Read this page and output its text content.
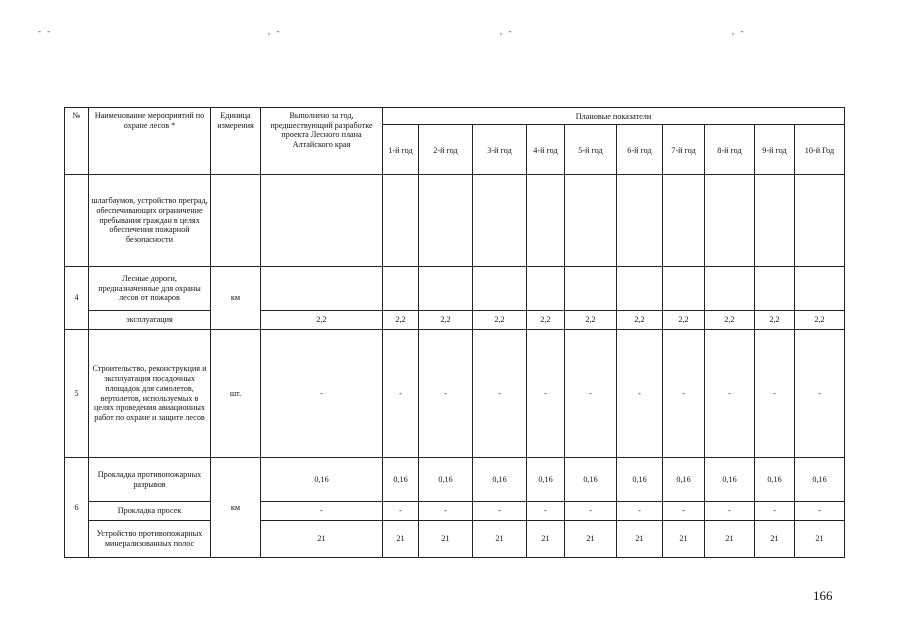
- -	, -	, -	, -
№	Наименование мероприятий по охране лесов *	Единица измерения	Выполнено за год, предшествующий разработке проекта Лесного плана Алтайского края	Плановые показатели									
				1-й год	2-й год	3-й год	4-й год	5-й год	6-й год	7-й год	8-й год	9-й год	10-й Год
	шлагбаумов, устройство преград, обеспечивающих ограничение пребывания граждан в целях обеспечения пожарной безопасности												
4	Лесные дороги, предназначенные для охраны лесов от пожаров	км											
	эксплуатация		2,2	2,2	2,2	2,2	2,2	2,2	2,2	2,2	2,2	2,2	2,2
5	Строительство, реконструкция и эксплуатация посадочных площадок для самолетов, вертолетов, используемых в целях проведения авиационных работ по охране и защите лесов	шт.	-	-	-	-	-	-	-	-	-	-	-
6	Прокладка противопожарных разрывов	км	0,16	0,16	0,16	0,16	0,16	0,16	0,16	0,16	0,16	0,16	0,16
	Прокладка просек		-	-	-	-	-	-	-	-	-	-	-
	Устройство противопожарных минерализованных полос		21	21	21	21	21	21	21	21	21	21	21
166
